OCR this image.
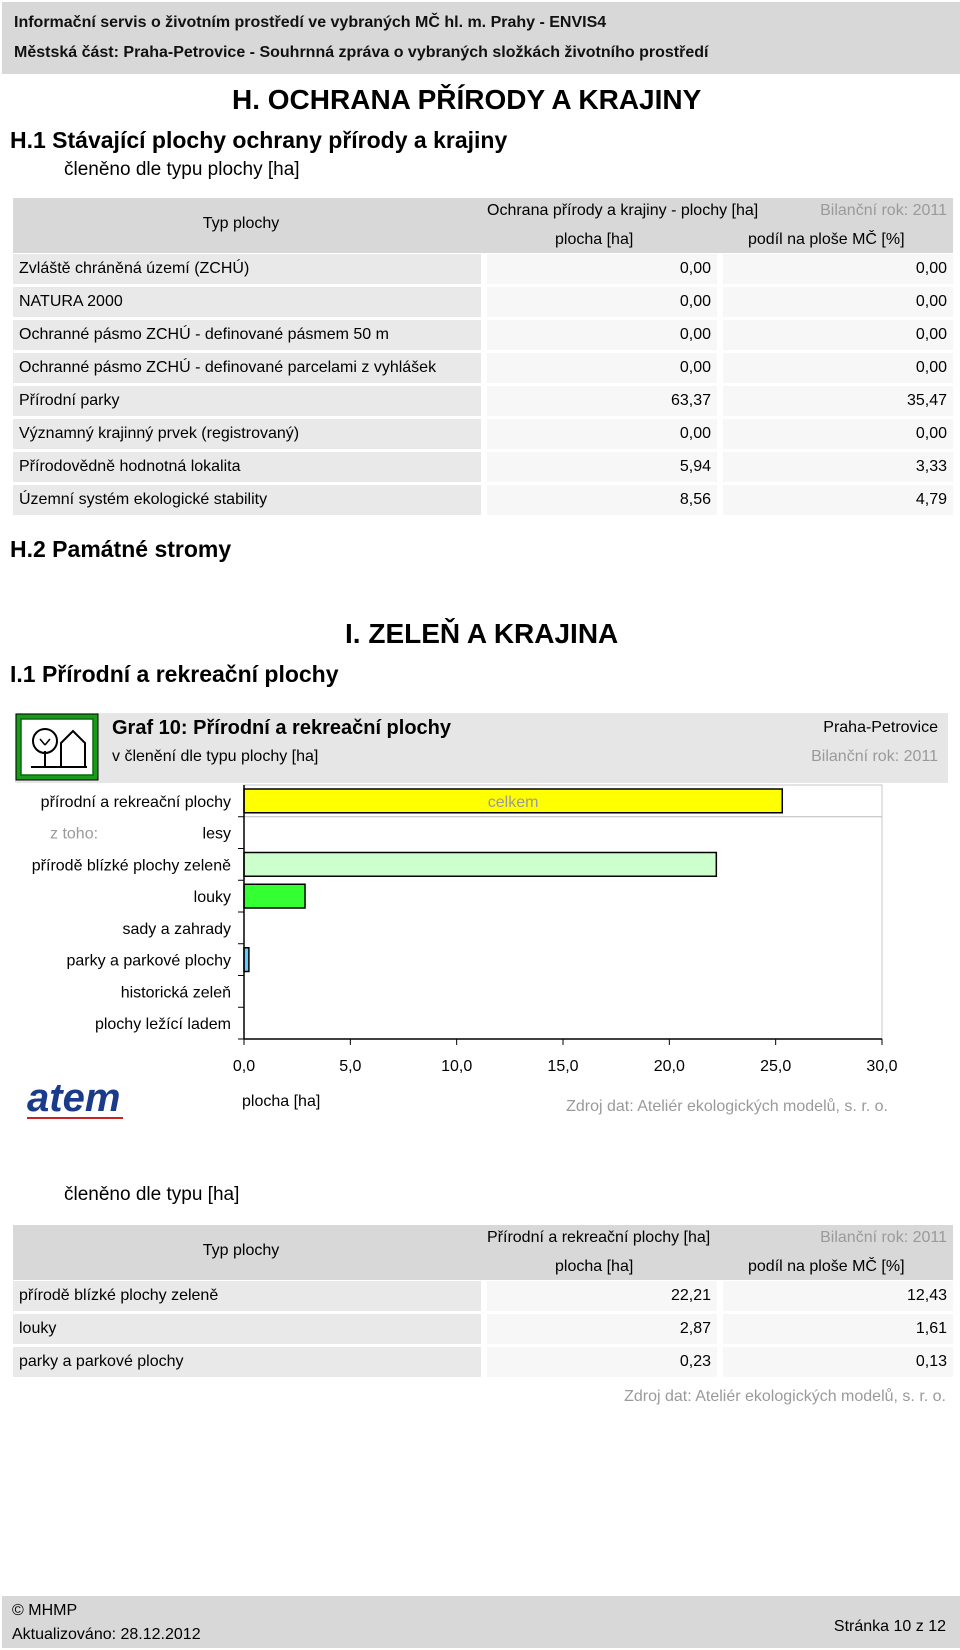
Informační servis o životním prostředí ve vybraných MČ hl. m. Prahy - ENVIS4
Městská část: Praha-Petrovice - Souhrnná zpráva o vybraných složkách životního prostředí
H. OCHRANA PŘÍRODY A KRAJINY
H.1 Stávající plochy ochrany přírody a krajiny
členěno dle typu plochy [ha]
Typ plochy
Ochrana přírody a krajiny - plochy [ha]	Bilanční rok: 2011
plocha [ha]	podíl na ploše MČ [%]
Zvláště chráněná území (ZCHÚ)	0,00	0,00
NATURA 2000	0,00	0,00
Ochranné pásmo ZCHÚ - definované pásmem 50 m	0,00	0,00
Ochranné pásmo ZCHÚ - definované parcelami z vyhlášek	0,00	0,00
Přírodní parky	63,37	35,47
Významný krajinný prvek (registrovaný)	0,00	0,00
Přírodovědně hodnotná lokalita	5,94	3,33
Územní systém ekologické stability	8,56	4,79
H.2 Památné stromy
I. ZELEŇ A KRAJINA
I.1 Přírodní a rekreační plochy
Graf 10: Přírodní a rekreační plochy
v členění dle typu plochy [ha]
Praha-Petrovice
Bilanční rok: 2011
přírodní a rekreační plochy
lesy
přírodě blízké plochy zeleně
louky
sady a zahrady
parky a parkové plochy
historická zeleň
plochy ležící ladem
z toho:
celkem
0,0	5,0	10,0	15,0	20,0	25,0	30,0
plocha [ha]	Zdroj dat: Ateliér ekologických modelů, s. r. o.
atem
členěno dle typu [ha]
Typ plochy
Přírodní a rekreační plochy [ha]	Bilanční rok: 2011
plocha [ha]	podíl na ploše MČ [%]
přírodě blízké plochy zeleně	22,21	12,43
louky	2,87	1,61
parky a parkové plochy	0,23	0,13
Zdroj dat: Ateliér ekologických modelů, s. r. o.
© MHMP
Aktualizováno: 28.12.2012	Stránka 10 z 12
